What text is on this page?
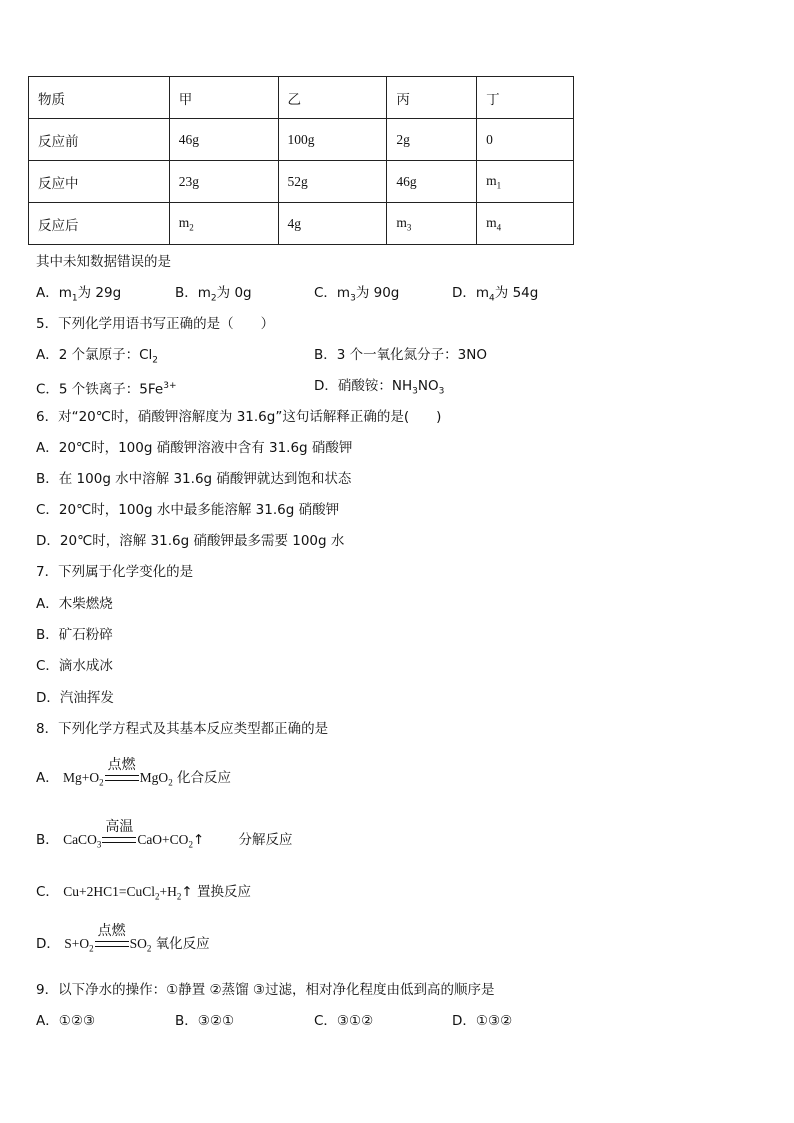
物质	甲	乙	丙	丁
反应前	46g	100g	2g	0
反应中	23g	52g	46g	$m_1$
反应后	$m_2$	4g	$m_3$	$m_4$
其中未知数据错误的是
A．$m_1$为 29g	B．$m_2$为 0g	C．$m_3$为 90g	D．$m_4$为 54g
5．下列化学用语书写正确的是（　　）
A．2 个氯原子：$Cl_2$	B．3 个一氧化氮分子：3NO
C．5 个铁离子：$5Fe^{3+}$	D．硝酸铵：$NH_3NO_3$
6．对“20℃时，硝酸钾溶解度为 31.6g”这句话解释正确的是(　　)
A．20℃时，100g 硝酸钾溶液中含有 31.6g 硝酸钾
B．在 100g 水中溶解 31.6g 硝酸钾就达到饱和状态
C．20℃时，100g 水中最多能溶解 31.6g 硝酸钾
D．20℃时，溶解 31.6g 硝酸钾最多需要 100g 水
7．下列属于化学变化的是
A．木柴燃烧
B．矿石粉碎
C．滴水成冰
D．汽油挥发
8．下列化学方程式及其基本反应类型都正确的是
A． $Mg+O_2$
点燃
MgO$_2$ 化合反应
B． CaCO$_3$
高温
$CaO+CO_2↑$	分解反应
C． $Cu+2HC1=CuCl_2+H_2↑$ 置换反应
D． $S+O_2$
点燃
$SO_2$ 氧化反应
9．以下净水的操作：①静置 ②蒸馏 ③过滤，相对净化程度由低到高的顺序是
A．①②③	B．③②①	C．③①②	D．①③②
